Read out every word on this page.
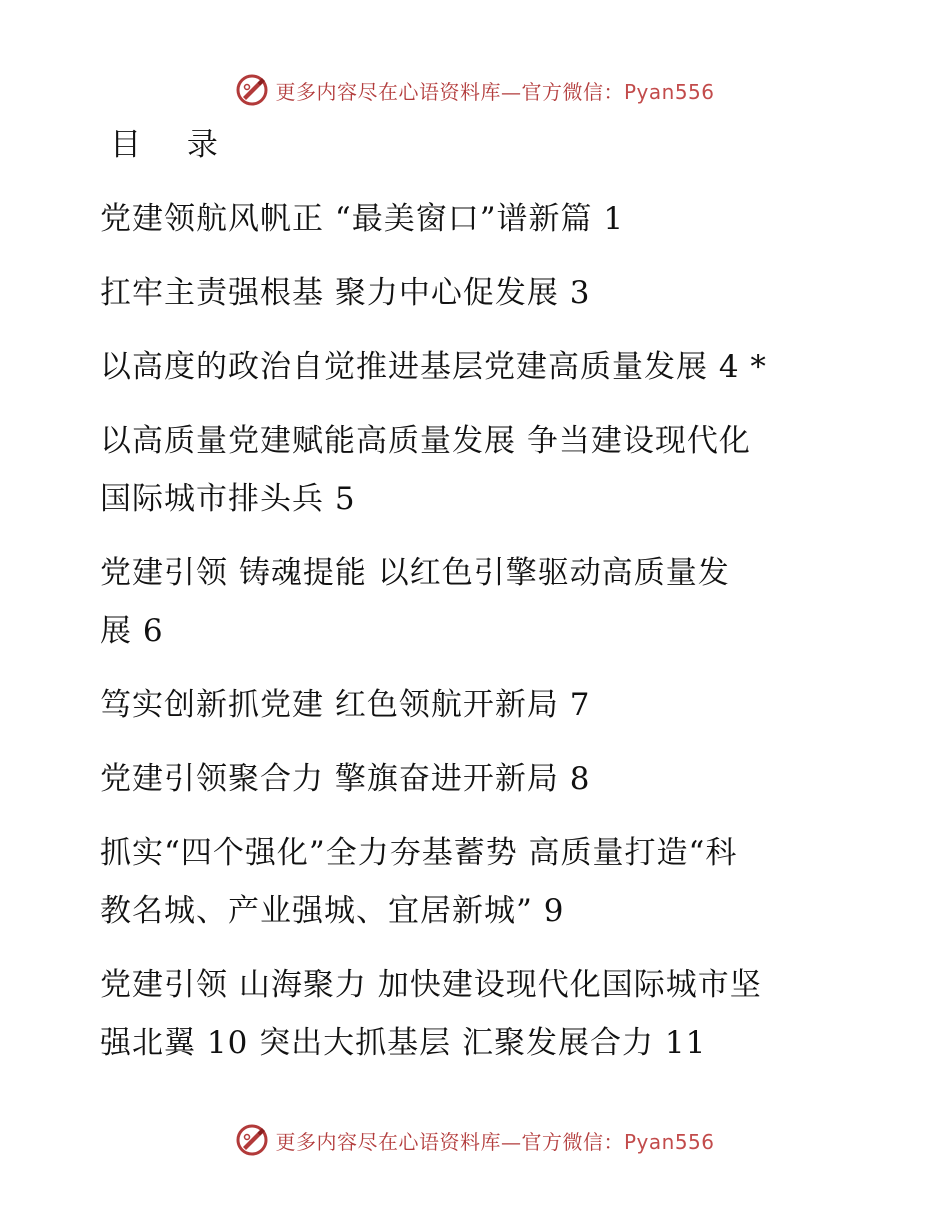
更多内容尽在心语资料库—官方微信：Pyan556
目 录
党建领航风帆正 “最美窗口”谱新篇 1
扛牢主责强根基 聚力中心促发展 3
以高度的政治自觉推进基层党建高质量发展 4 *
以高质量党建赋能高质量发展 争当建设现代化
国际城市排头兵 5
党建引领 铸魂提能 以红色引擎驱动高质量发
展 6
笃实创新抓党建 红色领航开新局 7
党建引领聚合力 擎旗奋进开新局 8
抓实“四个强化”全力夯基蓄势 高质量打造“科
教名城、产业强城、宜居新城” 9
党建引领 山海聚力 加快建设现代化国际城市坚
强北翼 10 突出大抓基层 汇聚发展合力 11
更多内容尽在心语资料库—官方微信：Pyan556
